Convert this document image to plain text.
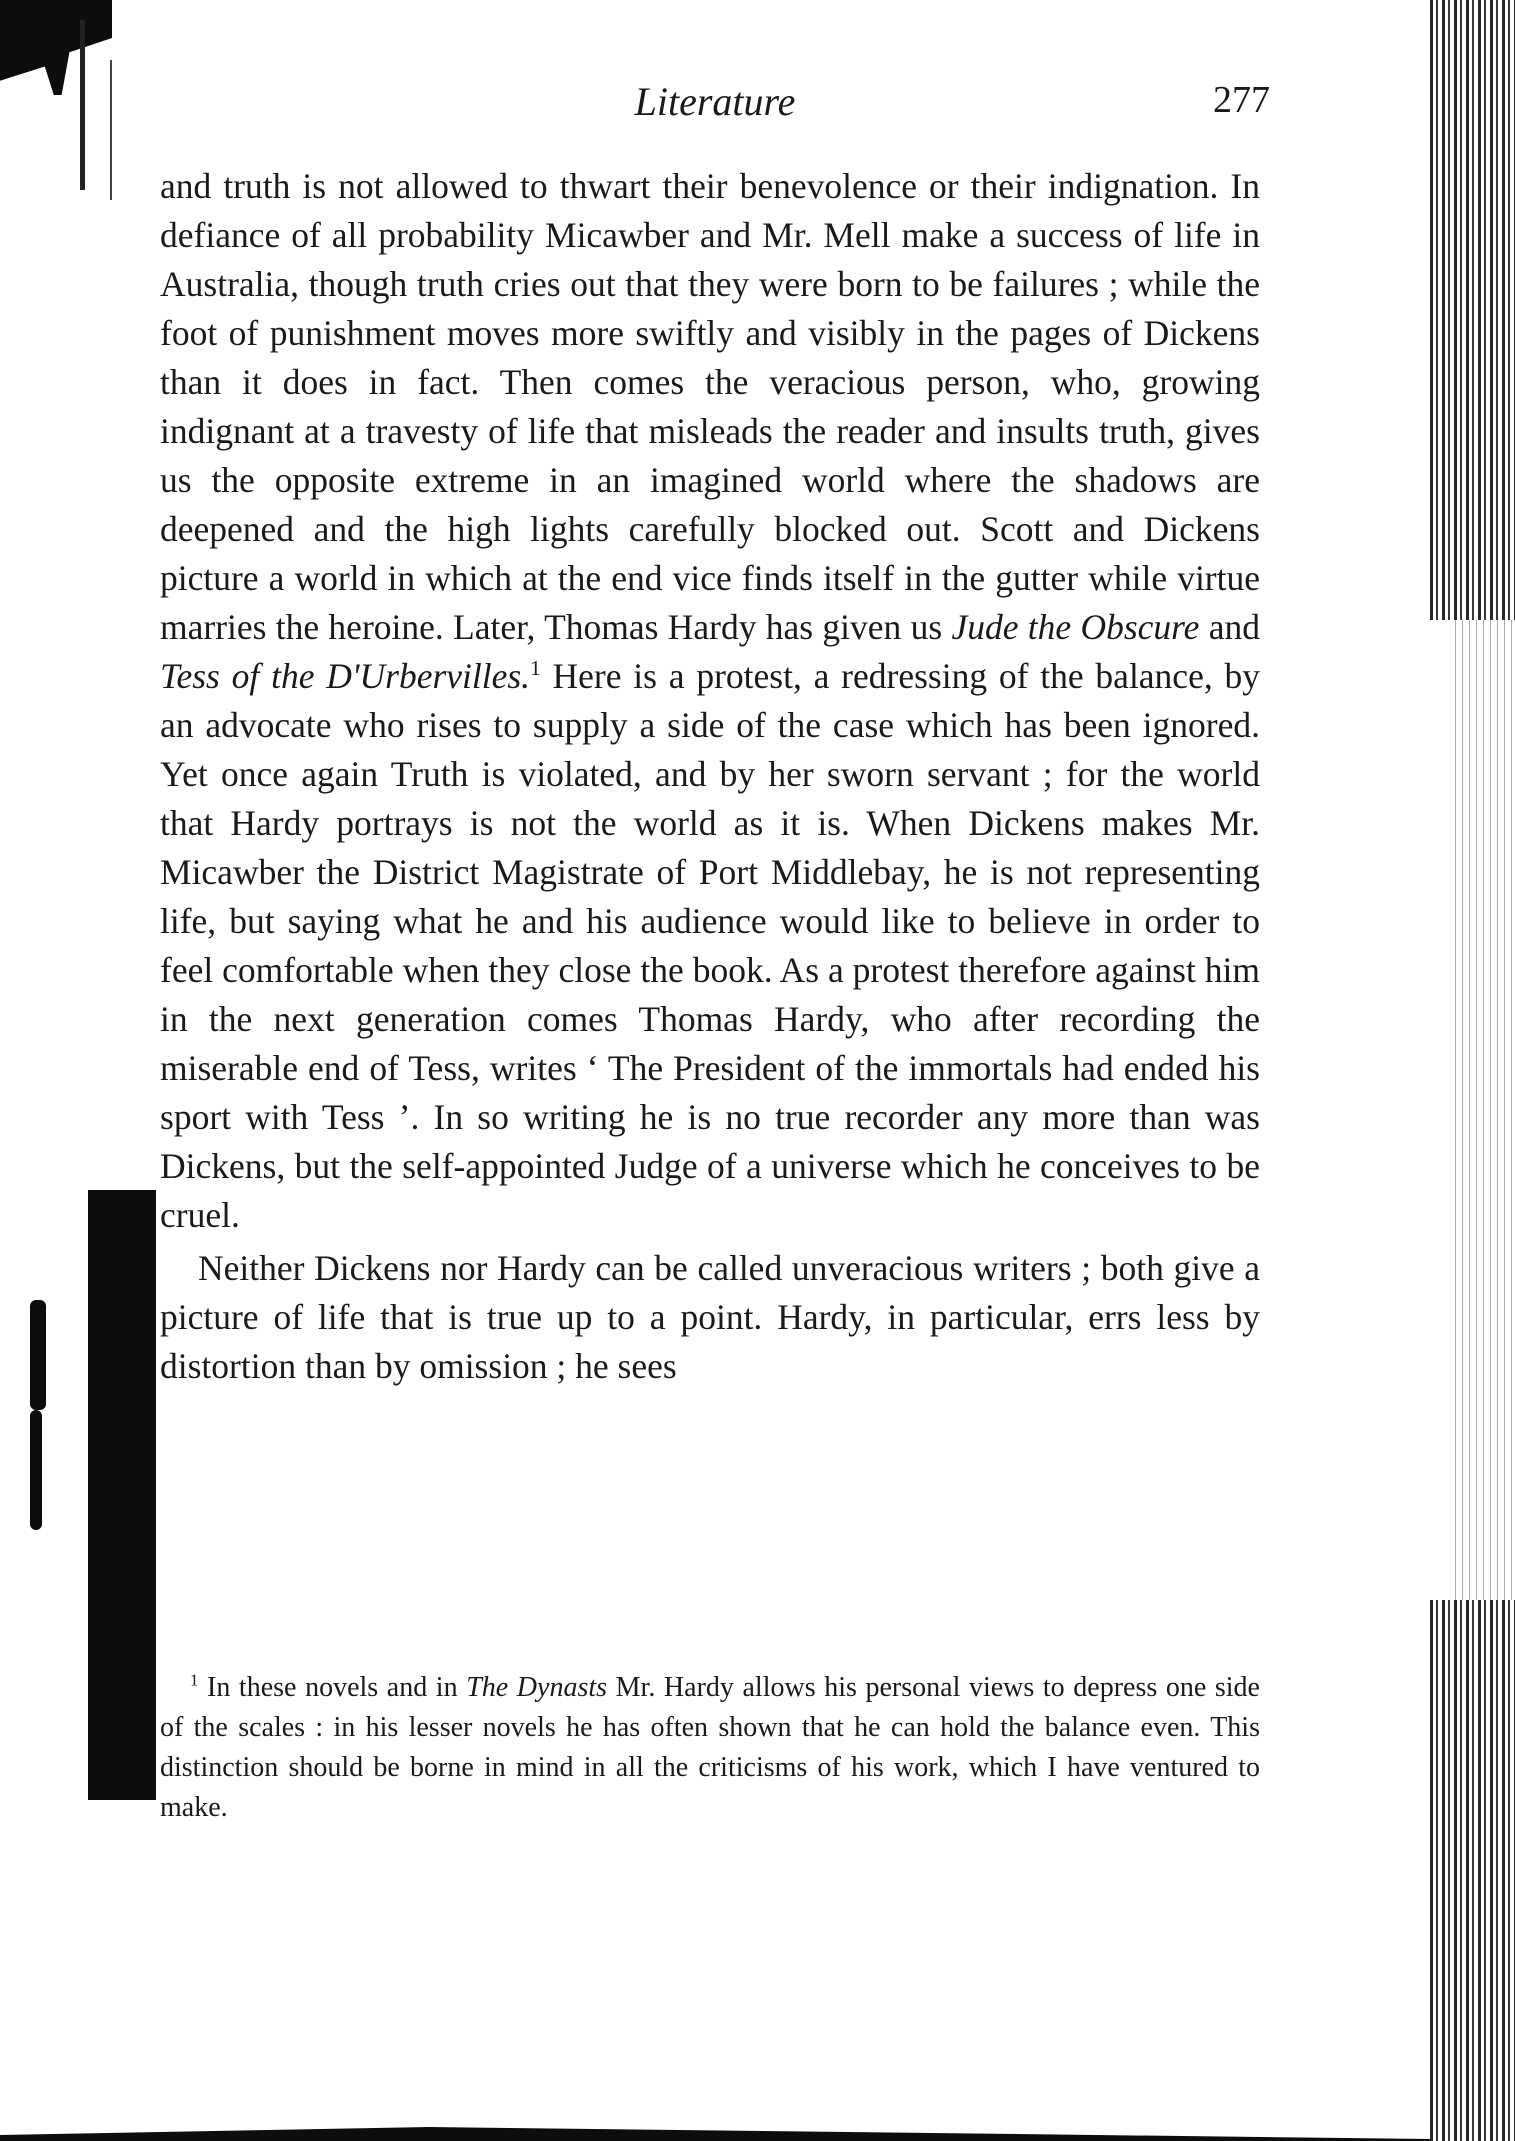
Literature	277

and truth is not allowed to thwart their benevolence or their indignation. In defiance of all probability Micawber and Mr. Mell make a success of life in Australia, though truth cries out that they were born to be failures ; while the foot of punishment moves more swiftly and visibly in the pages of Dickens than it does in fact. Then comes the veracious person, who, growing indignant at a travesty of life that misleads the reader and insults truth, gives us the opposite extreme in an imagined world where the shadows are deepened and the high lights carefully blocked out. Scott and Dickens picture a world in which at the end vice finds itself in the gutter while virtue marries the heroine. Later, Thomas Hardy has given us Jude the Obscure and Tess of the D'Urbervilles.$^1$ Here is a protest, a redressing of the balance, by an advocate who rises to supply a side of the case which has been ignored. Yet once again Truth is violated, and by her sworn servant ; for the world that Hardy portrays is not the world as it is. When Dickens makes Mr. Micawber the District Magistrate of Port Middlebay, he is not representing life, but saying what he and his audience would like to believe in order to feel comfortable when they close the book. As a protest therefore against him in the next generation comes Thomas Hardy, who after recording the miserable end of Tess, writes ‘ The President of the immortals had ended his sport with Tess ’. In so writing he is no true recorder any more than was Dickens, but the self-appointed Judge of a universe which he conceives to be cruel.

Neither Dickens nor Hardy can be called unveracious writers ; both give a picture of life that is true up to a point. Hardy, in particular, errs less by distortion than by omission ; he sees

$^1$ In these novels and in The Dynasts Mr. Hardy allows his personal views to depress one side of the scales : in his lesser novels he has often shown that he can hold the balance even. This distinction should be borne in mind in all the criticisms of his work, which I have ventured to make.
